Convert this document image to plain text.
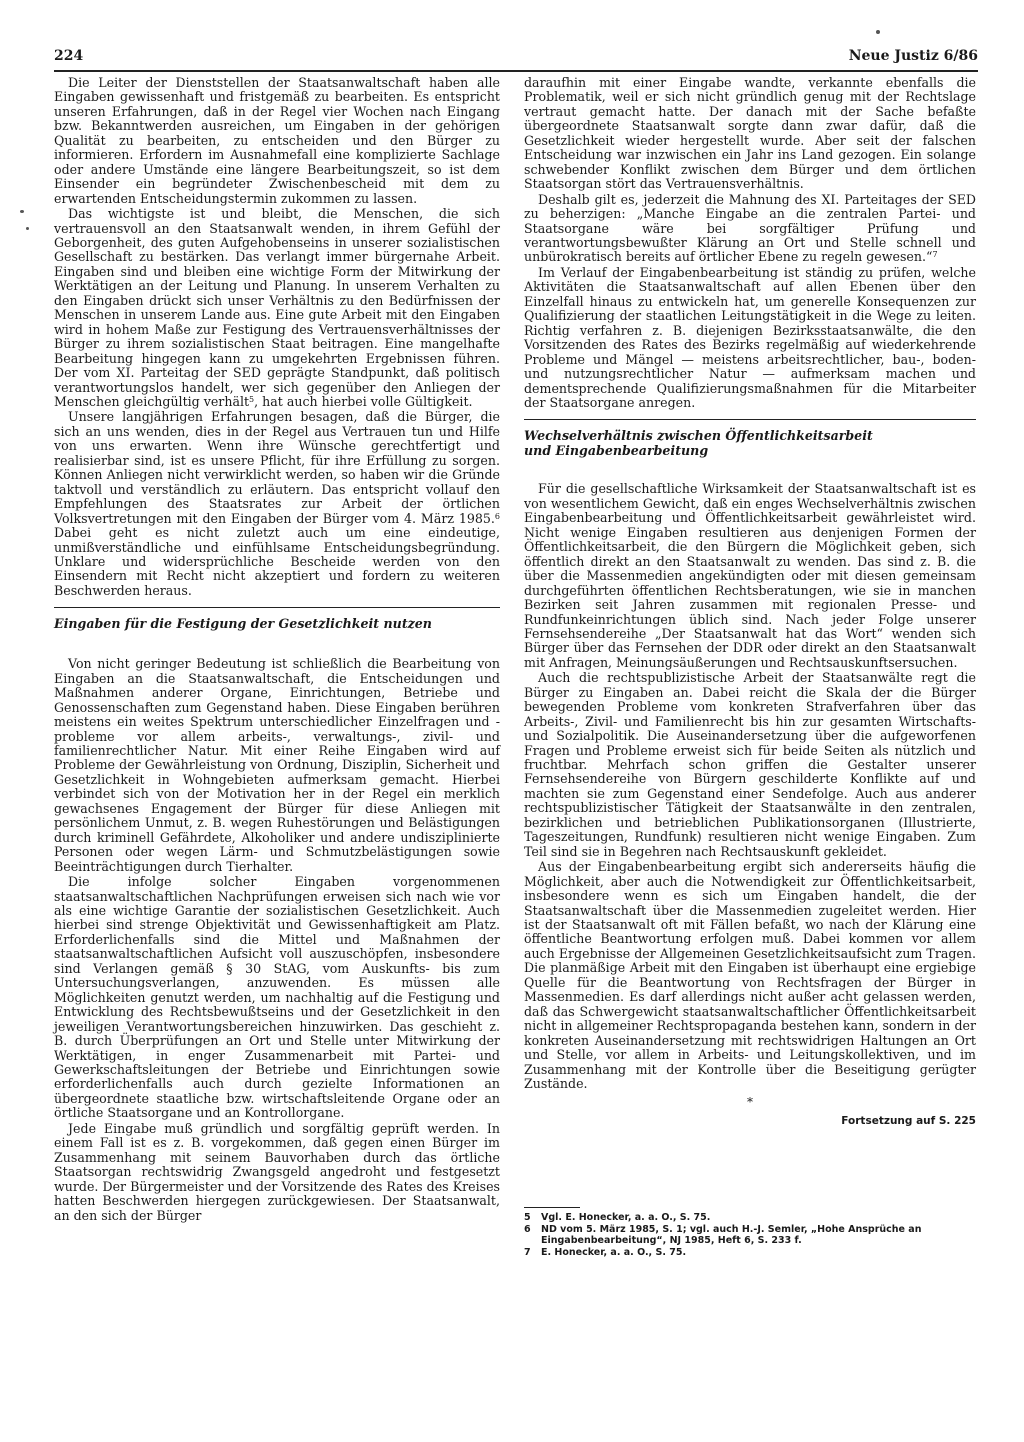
224	Neue Justiz 6/86

Die Leiter der Dienststellen der Staatsanwaltschaft haben alle Eingaben gewissenhaft und fristgemäß zu bearbeiten. Es entspricht unseren Erfahrungen, daß in der Regel vier Wochen nach Eingang bzw. Bekanntwerden ausreichen, um Eingaben in der gehörigen Qualität zu bearbeiten, zu entscheiden und den Bürger zu informieren. Erfordern im Ausnahmefall eine komplizierte Sachlage oder andere Umstände eine längere Bearbeitungszeit, so ist dem Einsender ein begründeter Zwischenbescheid mit dem zu erwartenden Entscheidungstermin zukommen zu lassen.

Das wichtigste ist und bleibt, die Menschen, die sich vertrauensvoll an den Staatsanwalt wenden, in ihrem Gefühl der Geborgenheit, des guten Aufgehobenseins in unserer sozialistischen Gesellschaft zu bestärken. Das verlangt immer bürgernahe Arbeit. Eingaben sind und bleiben eine wichtige Form der Mitwirkung der Werktätigen an der Leitung und Planung. In unserem Verhalten zu den Eingaben drückt sich unser Verhältnis zu den Bedürfnissen der Menschen in unserem Lande aus. Eine gute Arbeit mit den Eingaben wird in hohem Maße zur Festigung des Vertrauensverhältnisses der Bürger zu ihrem sozialistischen Staat beitragen. Eine mangelhafte Bearbeitung hingegen kann zu umgekehrten Ergebnissen führen. Der vom XI. Parteitag der SED geprägte Standpunkt, daß politisch verantwortungslos handelt, wer sich gegenüber den Anliegen der Menschen gleichgültig verhält$^5$, hat auch hierbei volle Gültigkeit.

Unsere langjährigen Erfahrungen besagen, daß die Bürger, die sich an uns wenden, dies in der Regel aus Vertrauen tun und Hilfe von uns erwarten. Wenn ihre Wünsche gerechtfertigt und realisierbar sind, ist es unsere Pflicht, für ihre Erfüllung zu sorgen. Können Anliegen nicht verwirklicht werden, so haben wir die Gründe taktvoll und verständlich zu erläutern. Das entspricht vollauf den Empfehlungen des Staatsrates zur Arbeit der örtlichen Volksvertretungen mit den Eingaben der Bürger vom 4. März 1985.$^6$ Dabei geht es nicht zuletzt auch um eine eindeutige, unmißverständliche und einfühlsame Entscheidungsbegründung. Unklare und widersprüchliche Bescheide werden von den Einsendern mit Recht nicht akzeptiert und fordern zu weiteren Beschwerden heraus.

Eingaben für die Festigung der Gesetzlichkeit nutzen

Von nicht geringer Bedeutung ist schließlich die Bearbeitung von Eingaben an die Staatsanwaltschaft, die Entscheidungen und Maßnahmen anderer Organe, Einrichtungen, Betriebe und Genossenschaften zum Gegenstand haben. Diese Eingaben berühren meistens ein weites Spektrum unterschiedlicher Einzelfragen und -probleme vor allem arbeits-, verwaltungs-, zivil- und familienrechtlicher Natur. Mit einer Reihe Eingaben wird auf Probleme der Gewährleistung von Ordnung, Disziplin, Sicherheit und Gesetzlichkeit in Wohngebieten aufmerksam gemacht. Hierbei verbindet sich von der Motivation her in der Regel ein merklich gewachsenes Engagement der Bürger für diese Anliegen mit persönlichem Unmut, z. B. wegen Ruhestörungen und Belästigungen durch kriminell Gefährdete, Alkoholiker und andere undisziplinierte Personen oder wegen Lärm- und Schmutzbelästigungen sowie Beeinträchtigungen durch Tierhalter.

Die infolge solcher Eingaben vorgenommenen staatsanwaltschaftlichen Nachprüfungen erweisen sich nach wie vor als eine wichtige Garantie der sozialistischen Gesetzlichkeit. Auch hierbei sind strenge Objektivität und Gewissenhaftigkeit am Platz. Erforderlichenfalls sind die Mittel und Maßnahmen der staatsanwaltschaftlichen Aufsicht voll auszuschöpfen, insbesondere sind Verlangen gemäß § 30 StAG, vom Auskunfts- bis zum Untersuchungsverlangen, anzuwenden. Es müssen alle Möglichkeiten genutzt werden, um nachhaltig auf die Festigung und Entwicklung des Rechtsbewußtseins und der Gesetzlichkeit in den jeweiligen Verantwortungsbereichen hinzuwirken. Das geschieht z. B. durch Überprüfungen an Ort und Stelle unter Mitwirkung der Werktätigen, in enger Zusammenarbeit mit Partei- und Gewerkschaftsleitungen der Betriebe und Einrichtungen sowie erforderlichenfalls auch durch gezielte Informationen an übergeordnete staatliche bzw. wirtschaftsleitende Organe oder an örtliche Staatsorgane und an Kontrollorgane.

Jede Eingabe muß gründlich und sorgfältig geprüft werden. In einem Fall ist es z. B. vorgekommen, daß gegen einen Bürger im Zusammenhang mit seinem Bauvorhaben durch das örtliche Staatsorgan rechtswidrig Zwangsgeld angedroht und festgesetzt wurde. Der Bürgermeister und der Vorsitzende des Rates des Kreises hatten Beschwerden hiergegen zurückgewiesen. Der Staatsanwalt, an den sich der Bürger

daraufhin mit einer Eingabe wandte, verkannte ebenfalls die Problematik, weil er sich nicht gründlich genug mit der Rechtslage vertraut gemacht hatte. Der danach mit der Sache befaßte übergeordnete Staatsanwalt sorgte dann zwar dafür, daß die Gesetzlichkeit wieder hergestellt wurde. Aber seit der falschen Entscheidung war inzwischen ein Jahr ins Land gezogen. Ein solange schwebender Konflikt zwischen dem Bürger und dem örtlichen Staatsorgan stört das Vertrauensverhältnis.

Deshalb gilt es, jederzeit die Mahnung des XI. Parteitages der SED zu beherzigen: „Manche Eingabe an die zentralen Partei- und Staatsorgane wäre bei sorgfältiger Prüfung und verantwortungsbewußter Klärung an Ort und Stelle schnell und unbürokratisch bereits auf örtlicher Ebene zu regeln gewesen.“$^7$

Im Verlauf der Eingabenbearbeitung ist ständig zu prüfen, welche Aktivitäten die Staatsanwaltschaft auf allen Ebenen über den Einzelfall hinaus zu entwickeln hat, um generelle Konsequenzen zur Qualifizierung der staatlichen Leitungstätigkeit in die Wege zu leiten. Richtig verfahren z. B. diejenigen Bezirksstaatsanwälte, die den Vorsitzenden des Rates des Bezirks regelmäßig auf wiederkehrende Probleme und Mängel — meistens arbeitsrechtlicher, bau-, boden- und nutzungsrechtlicher Natur — aufmerksam machen und dementsprechende Qualifizierungsmaßnahmen für die Mitarbeiter der Staatsorgane anregen.

Wechselverhältnis zwischen Öffentlichkeitsarbeit
und Eingabenbearbeitung

Für die gesellschaftliche Wirksamkeit der Staatsanwaltschaft ist es von wesentlichem Gewicht, daß ein enges Wechselverhältnis zwischen Eingabenbearbeitung und Öffentlichkeitsarbeit gewährleistet wird. Nicht wenige Eingaben resultieren aus denjenigen Formen der Öffentlichkeitsarbeit, die den Bürgern die Möglichkeit geben, sich öffentlich direkt an den Staatsanwalt zu wenden. Das sind z. B. die über die Massenmedien angekündigten oder mit diesen gemeinsam durchgeführten öffentlichen Rechtsberatungen, wie sie in manchen Bezirken seit Jahren zusammen mit regionalen Presse- und Rundfunkeinrichtungen üblich sind. Nach jeder Folge unserer Fernsehsendereihe „Der Staatsanwalt hat das Wort“ wenden sich Bürger über das Fernsehen der DDR oder direkt an den Staatsanwalt mit Anfragen, Meinungsäußerungen und Rechtsauskunftsersuchen.

Auch die rechtspublizistische Arbeit der Staatsanwälte regt die Bürger zu Eingaben an. Dabei reicht die Skala der die Bürger bewegenden Probleme vom konkreten Strafverfahren über das Arbeits-, Zivil- und Familienrecht bis hin zur gesamten Wirtschafts- und Sozialpolitik. Die Auseinandersetzung über die aufgeworfenen Fragen und Probleme erweist sich für beide Seiten als nützlich und fruchtbar. Mehrfach schon griffen die Gestalter unserer Fernsehsendereihe von Bürgern geschilderte Konflikte auf und machten sie zum Gegenstand einer Sendefolge. Auch aus anderer rechtspublizistischer Tätigkeit der Staatsanwälte in den zentralen, bezirklichen und betrieblichen Publikationsorganen (Illustrierte, Tageszeitungen, Rundfunk) resultieren nicht wenige Eingaben. Zum Teil sind sie in Begehren nach Rechtsauskunft gekleidet.

Aus der Eingabenbearbeitung ergibt sich andererseits häufig die Möglichkeit, aber auch die Notwendigkeit zur Öffentlichkeitsarbeit, insbesondere wenn es sich um Eingaben handelt, die der Staatsanwaltschaft über die Massenmedien zugeleitet werden. Hier ist der Staatsanwalt oft mit Fällen befaßt, wo nach der Klärung eine öffentliche Beantwortung erfolgen muß. Dabei kommen vor allem auch Ergebnisse der Allgemeinen Gesetzlichkeitsaufsicht zum Tragen. Die planmäßige Arbeit mit den Eingaben ist überhaupt eine ergiebige Quelle für die Beantwortung von Rechtsfragen der Bürger in Massenmedien. Es darf allerdings nicht außer acht gelassen werden, daß das Schwergewicht staatsanwaltschaftlicher Öffentlichkeitsarbeit nicht in allgemeiner Rechtspropaganda bestehen kann, sondern in der konkreten Auseinandersetzung mit rechtswidrigen Haltungen an Ort und Stelle, vor allem in Arbeits- und Leitungskollektiven, und im Zusammenhang mit der Kontrolle über die Beseitigung gerügter Zustände.

*
Fortsetzung auf S. 225
5	Vgl. E. Honecker, a. a. O., S. 75.
6	ND vom 5. März 1985, S. 1; vgl. auch H.-J. Semler, „Hohe Ansprüche an Eingabenbearbeitung“, NJ 1985, Heft 6, S. 233 f.
7	E. Honecker, a. a. O., S. 75.
